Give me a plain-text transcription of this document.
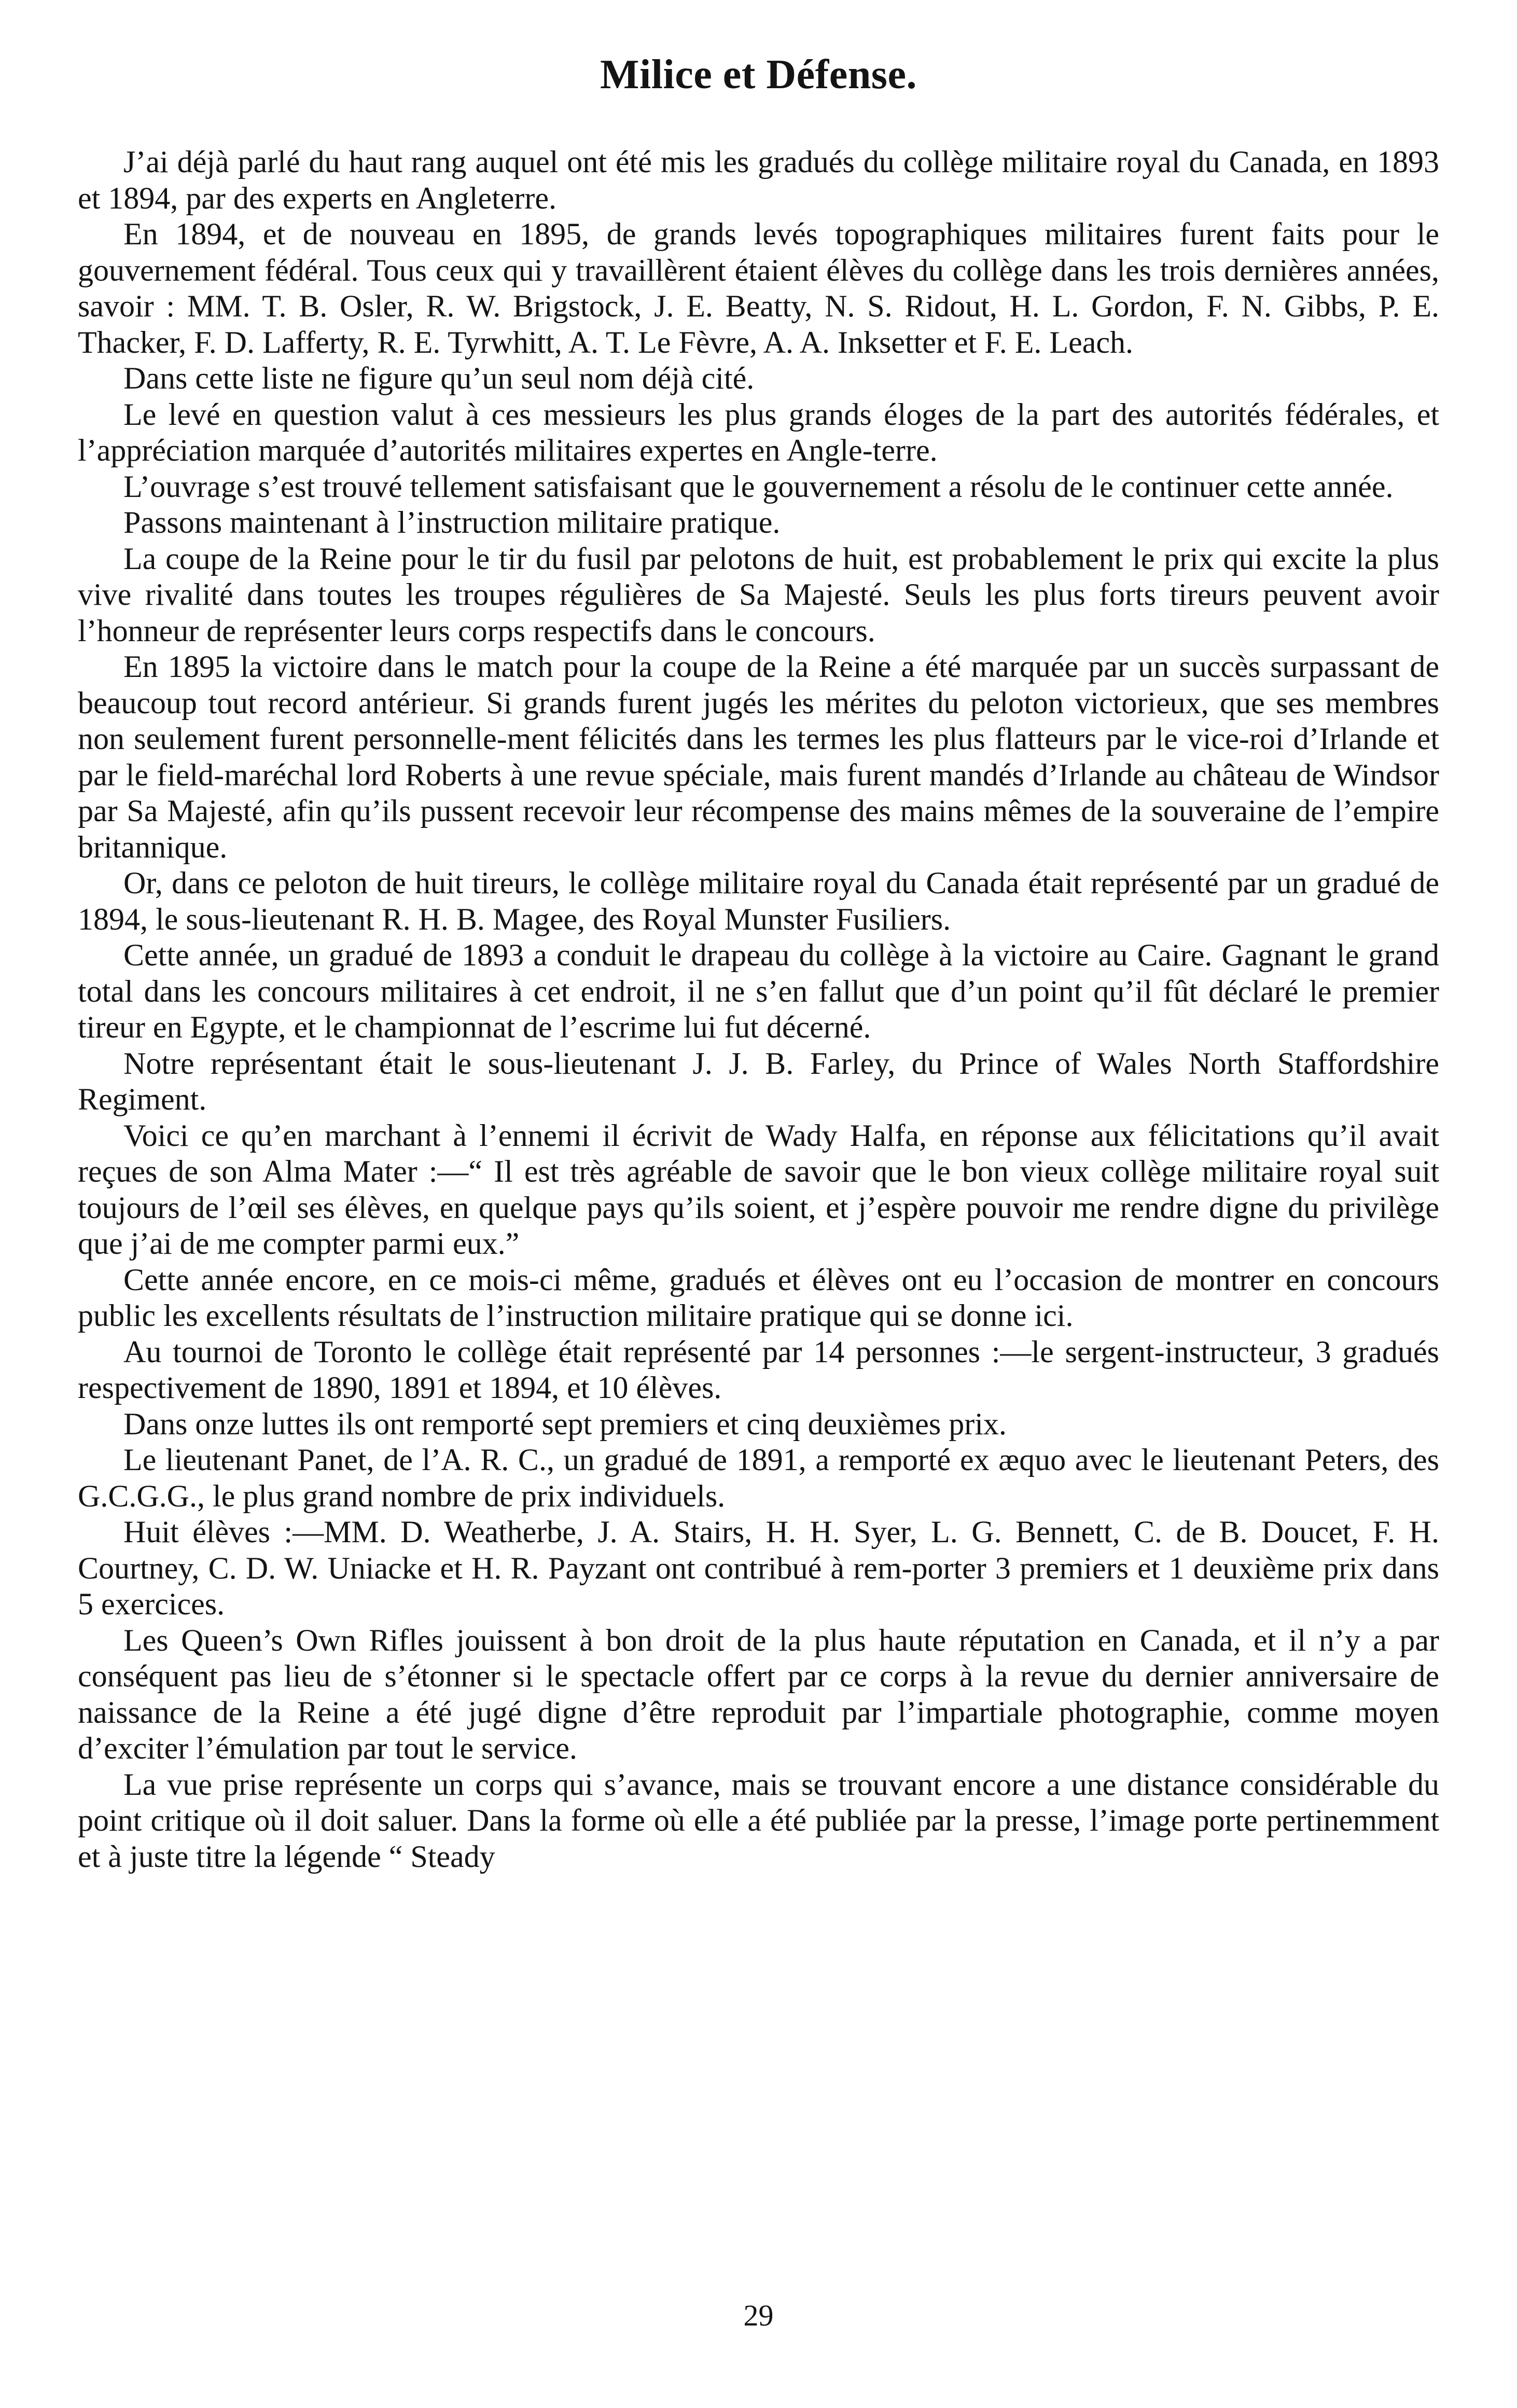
Milice et Défense.

J’ai déjà parlé du haut rang auquel ont été mis les gradués du collège militaire royal du Canada, en 1893 et 1894, par des experts en Angleterre.

En 1894, et de nouveau en 1895, de grands levés topographiques militaires furent faits pour le gouvernement fédéral. Tous ceux qui y travaillèrent étaient élèves du collège dans les trois dernières années, savoir : MM. T. B. Osler, R. W. Brigstock, J. E. Beatty, N. S. Ridout, H. L. Gordon, F. N. Gibbs, P. E. Thacker, F. D. Lafferty, R. E. Tyrwhitt, A. T. Le Fèvre, A. A. Inksetter et F. E. Leach.

Dans cette liste ne figure qu’un seul nom déjà cité.

Le levé en question valut à ces messieurs les plus grands éloges de la part des autorités fédérales, et l’appréciation marquée d’autorités militaires expertes en Angle-terre.

L’ouvrage s’est trouvé tellement satisfaisant que le gouvernement a résolu de le continuer cette année.

Passons maintenant à l’instruction militaire pratique.

La coupe de la Reine pour le tir du fusil par pelotons de huit, est probablement le prix qui excite la plus vive rivalité dans toutes les troupes régulières de Sa Majesté. Seuls les plus forts tireurs peuvent avoir l’honneur de représenter leurs corps respectifs dans le concours.

En 1895 la victoire dans le match pour la coupe de la Reine a été marquée par un succès surpassant de beaucoup tout record antérieur. Si grands furent jugés les mérites du peloton victorieux, que ses membres non seulement furent personnelle-ment félicités dans les termes les plus flatteurs par le vice-roi d’Irlande et par le field-maréchal lord Roberts à une revue spéciale, mais furent mandés d’Irlande au château de Windsor par Sa Majesté, afin qu’ils pussent recevoir leur récompense des mains mêmes de la souveraine de l’empire britannique.

Or, dans ce peloton de huit tireurs, le collège militaire royal du Canada était représenté par un gradué de 1894, le sous-lieutenant R. H. B. Magee, des Royal Munster Fusiliers.

Cette année, un gradué de 1893 a conduit le drapeau du collège à la victoire au Caire. Gagnant le grand total dans les concours militaires à cet endroit, il ne s’en fallut que d’un point qu’il fût déclaré le premier tireur en Egypte, et le championnat de l’escrime lui fut décerné.

Notre représentant était le sous-lieutenant J. J. B. Farley, du Prince of Wales North Staffordshire Regiment.

Voici ce qu’en marchant à l’ennemi il écrivit de Wady Halfa, en réponse aux félicitations qu’il avait reçues de son Alma Mater :—“ Il est très agréable de savoir que le bon vieux collège militaire royal suit toujours de l’œil ses élèves, en quelque pays qu’ils soient, et j’espère pouvoir me rendre digne du privilège que j’ai de me compter parmi eux.”

Cette année encore, en ce mois-ci même, gradués et élèves ont eu l’occasion de montrer en concours public les excellents résultats de l’instruction militaire pratique qui se donne ici.

Au tournoi de Toronto le collège était représenté par 14 personnes :—le sergent-instructeur, 3 gradués respectivement de 1890, 1891 et 1894, et 10 élèves.

Dans onze luttes ils ont remporté sept premiers et cinq deuxièmes prix.

Le lieutenant Panet, de l’A. R. C., un gradué de 1891, a remporté ex æquo avec le lieutenant Peters, des G.C.G.G., le plus grand nombre de prix individuels.

Huit élèves :—MM. D. Weatherbe, J. A. Stairs, H. H. Syer, L. G. Bennett, C. de B. Doucet, F. H. Courtney, C. D. W. Uniacke et H. R. Payzant ont contribué à rem-porter 3 premiers et 1 deuxième prix dans 5 exercices.

Les Queen’s Own Rifles jouissent à bon droit de la plus haute réputation en Canada, et il n’y a par conséquent pas lieu de s’étonner si le spectacle offert par ce corps à la revue du dernier anniversaire de naissance de la Reine a été jugé digne d’être reproduit par l’impartiale photographie, comme moyen d’exciter l’émulation par tout le service.

La vue prise représente un corps qui s’avance, mais se trouvant encore a une distance considérable du point critique où il doit saluer. Dans la forme où elle a été publiée par la presse, l’image porte pertinemment et à juste titre la légende “ Steady

29
